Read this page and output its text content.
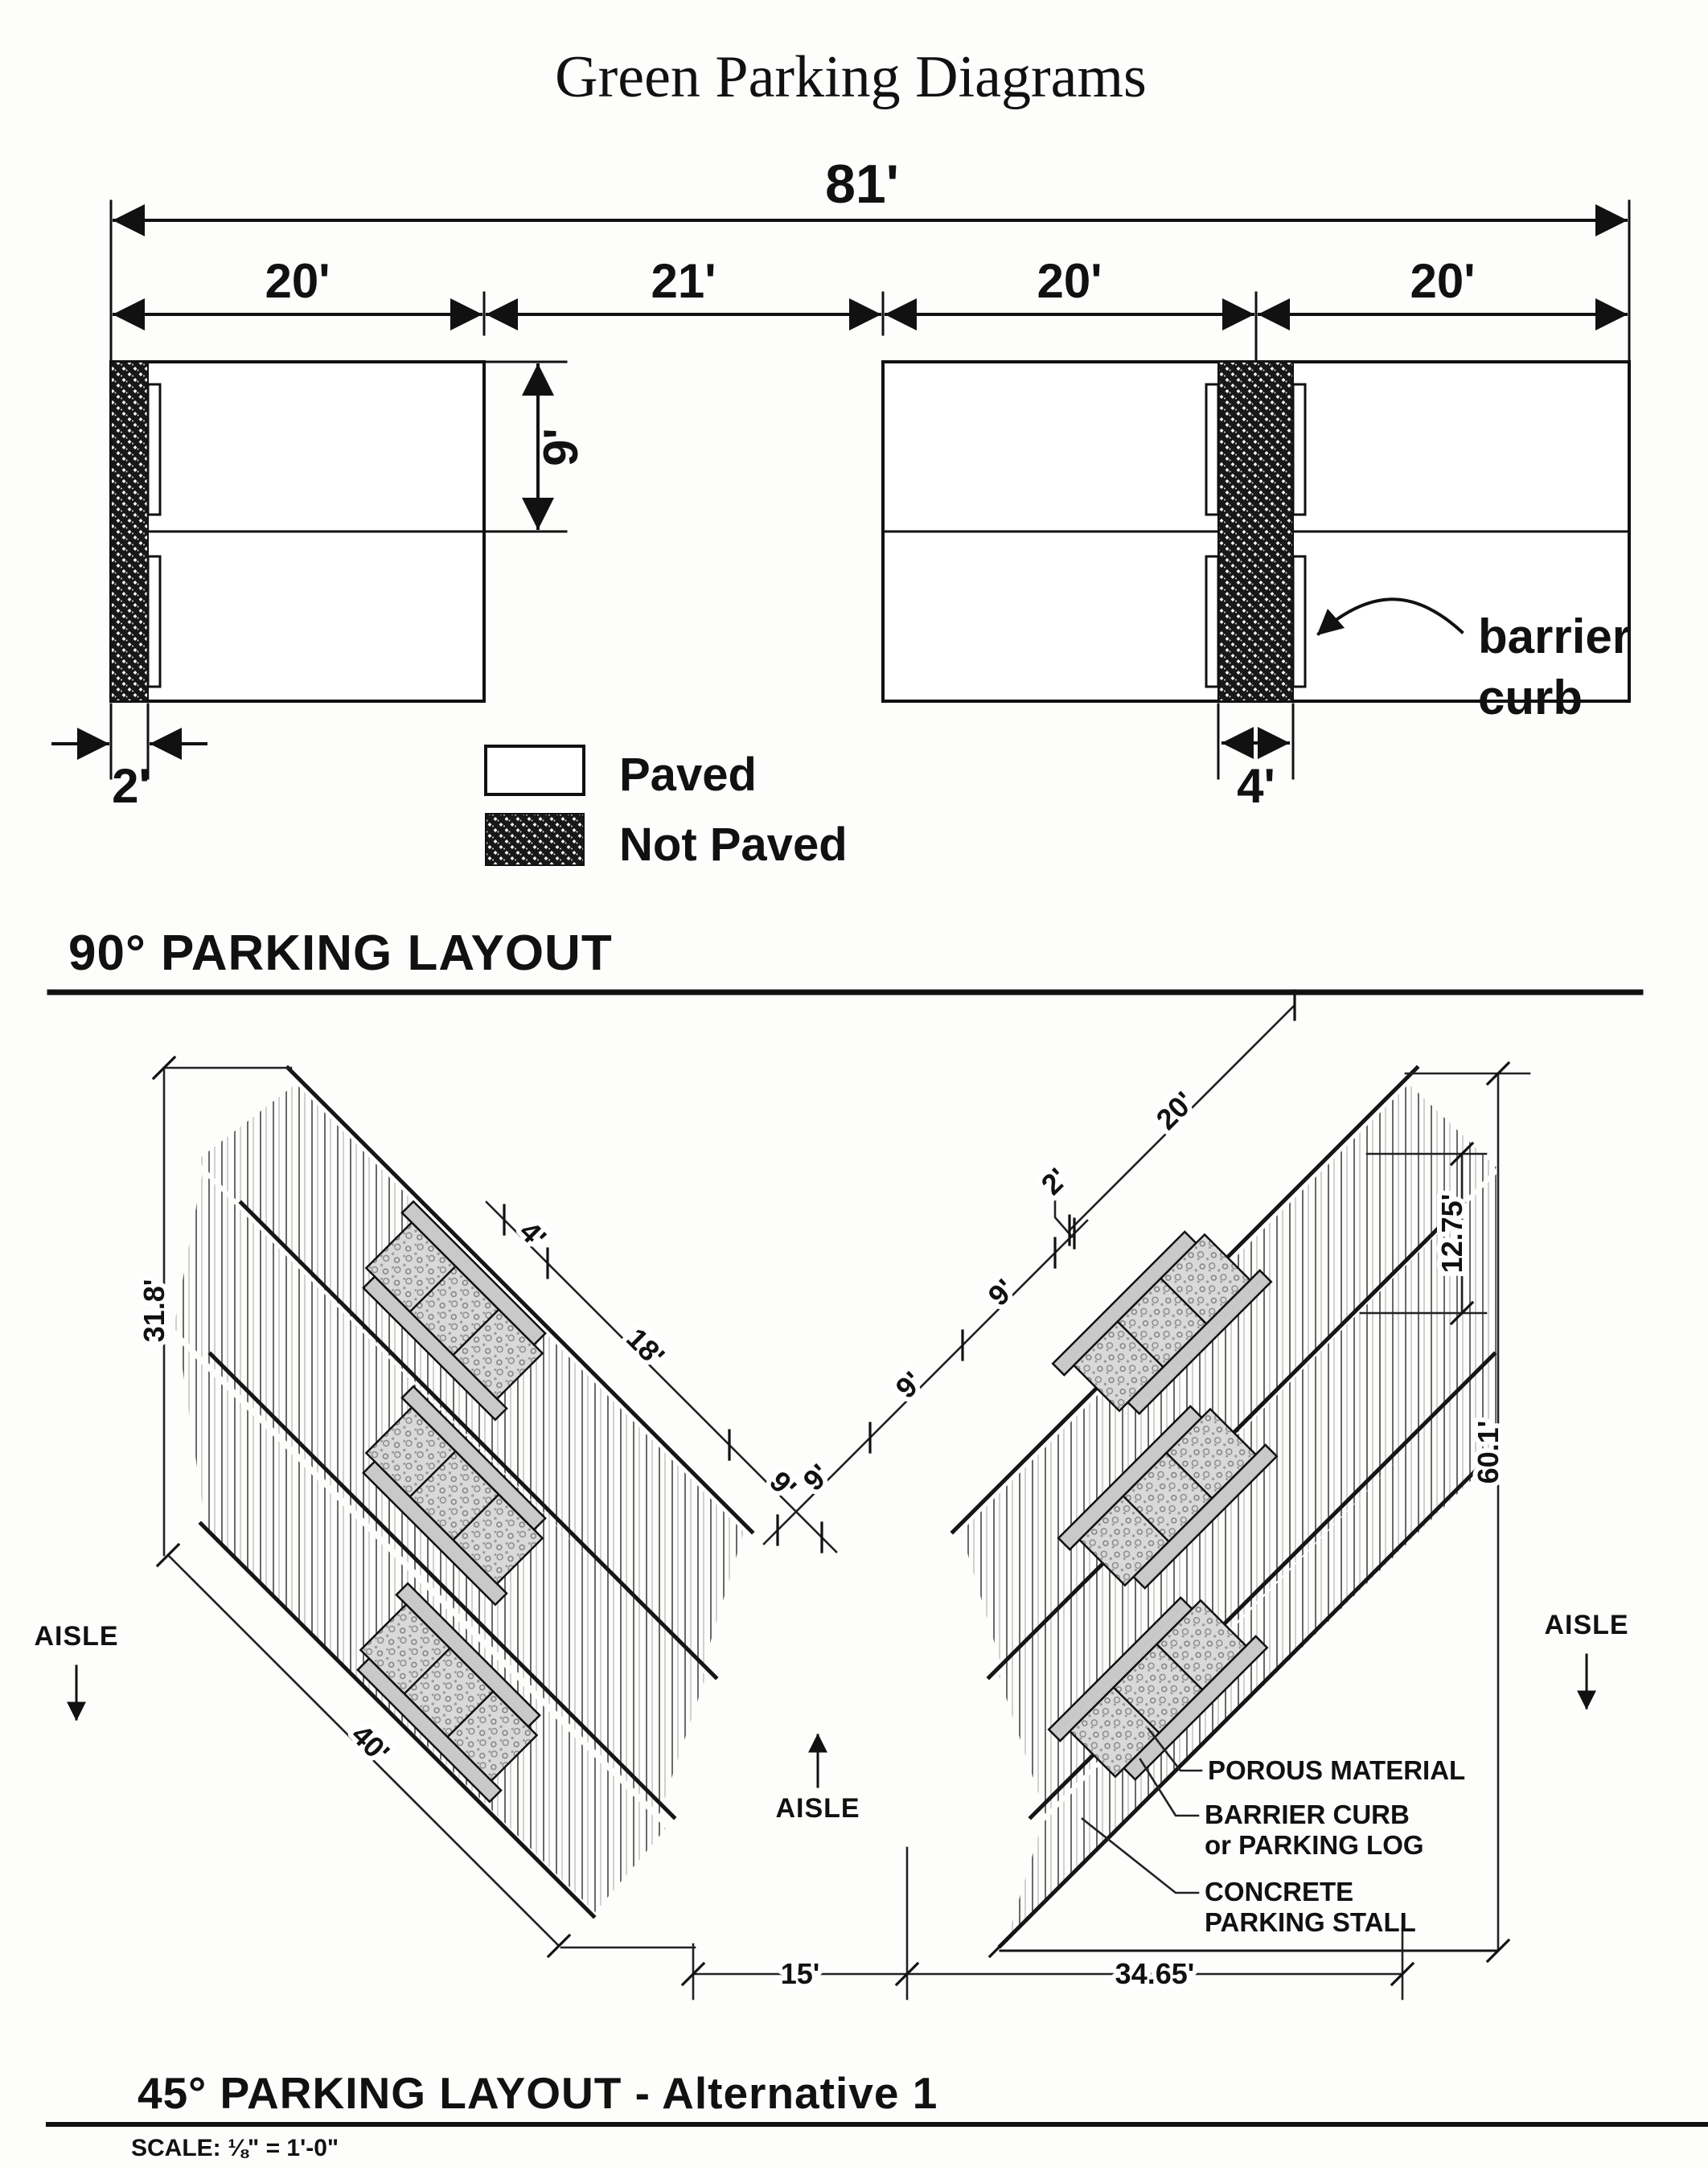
Green Parking Diagrams
81'
20'	21'	20'	20'
9'
2'	4'
barrier
curb
Paved
Not Paved
90° PARKING LAYOUT
31.8'
4'
18'
9'
40'
20'
2'
9'
9'
9'
12.75'
60.1'
15'	34.65'
AISLE
AISLE
AISLE
POROUS MATERIAL
BARRIER CURB
or PARKING LOG
CONCRETE
PARKING STALL
45° PARKING LAYOUT - Alternative 1
SCALE: ⅛" = 1'-0"
